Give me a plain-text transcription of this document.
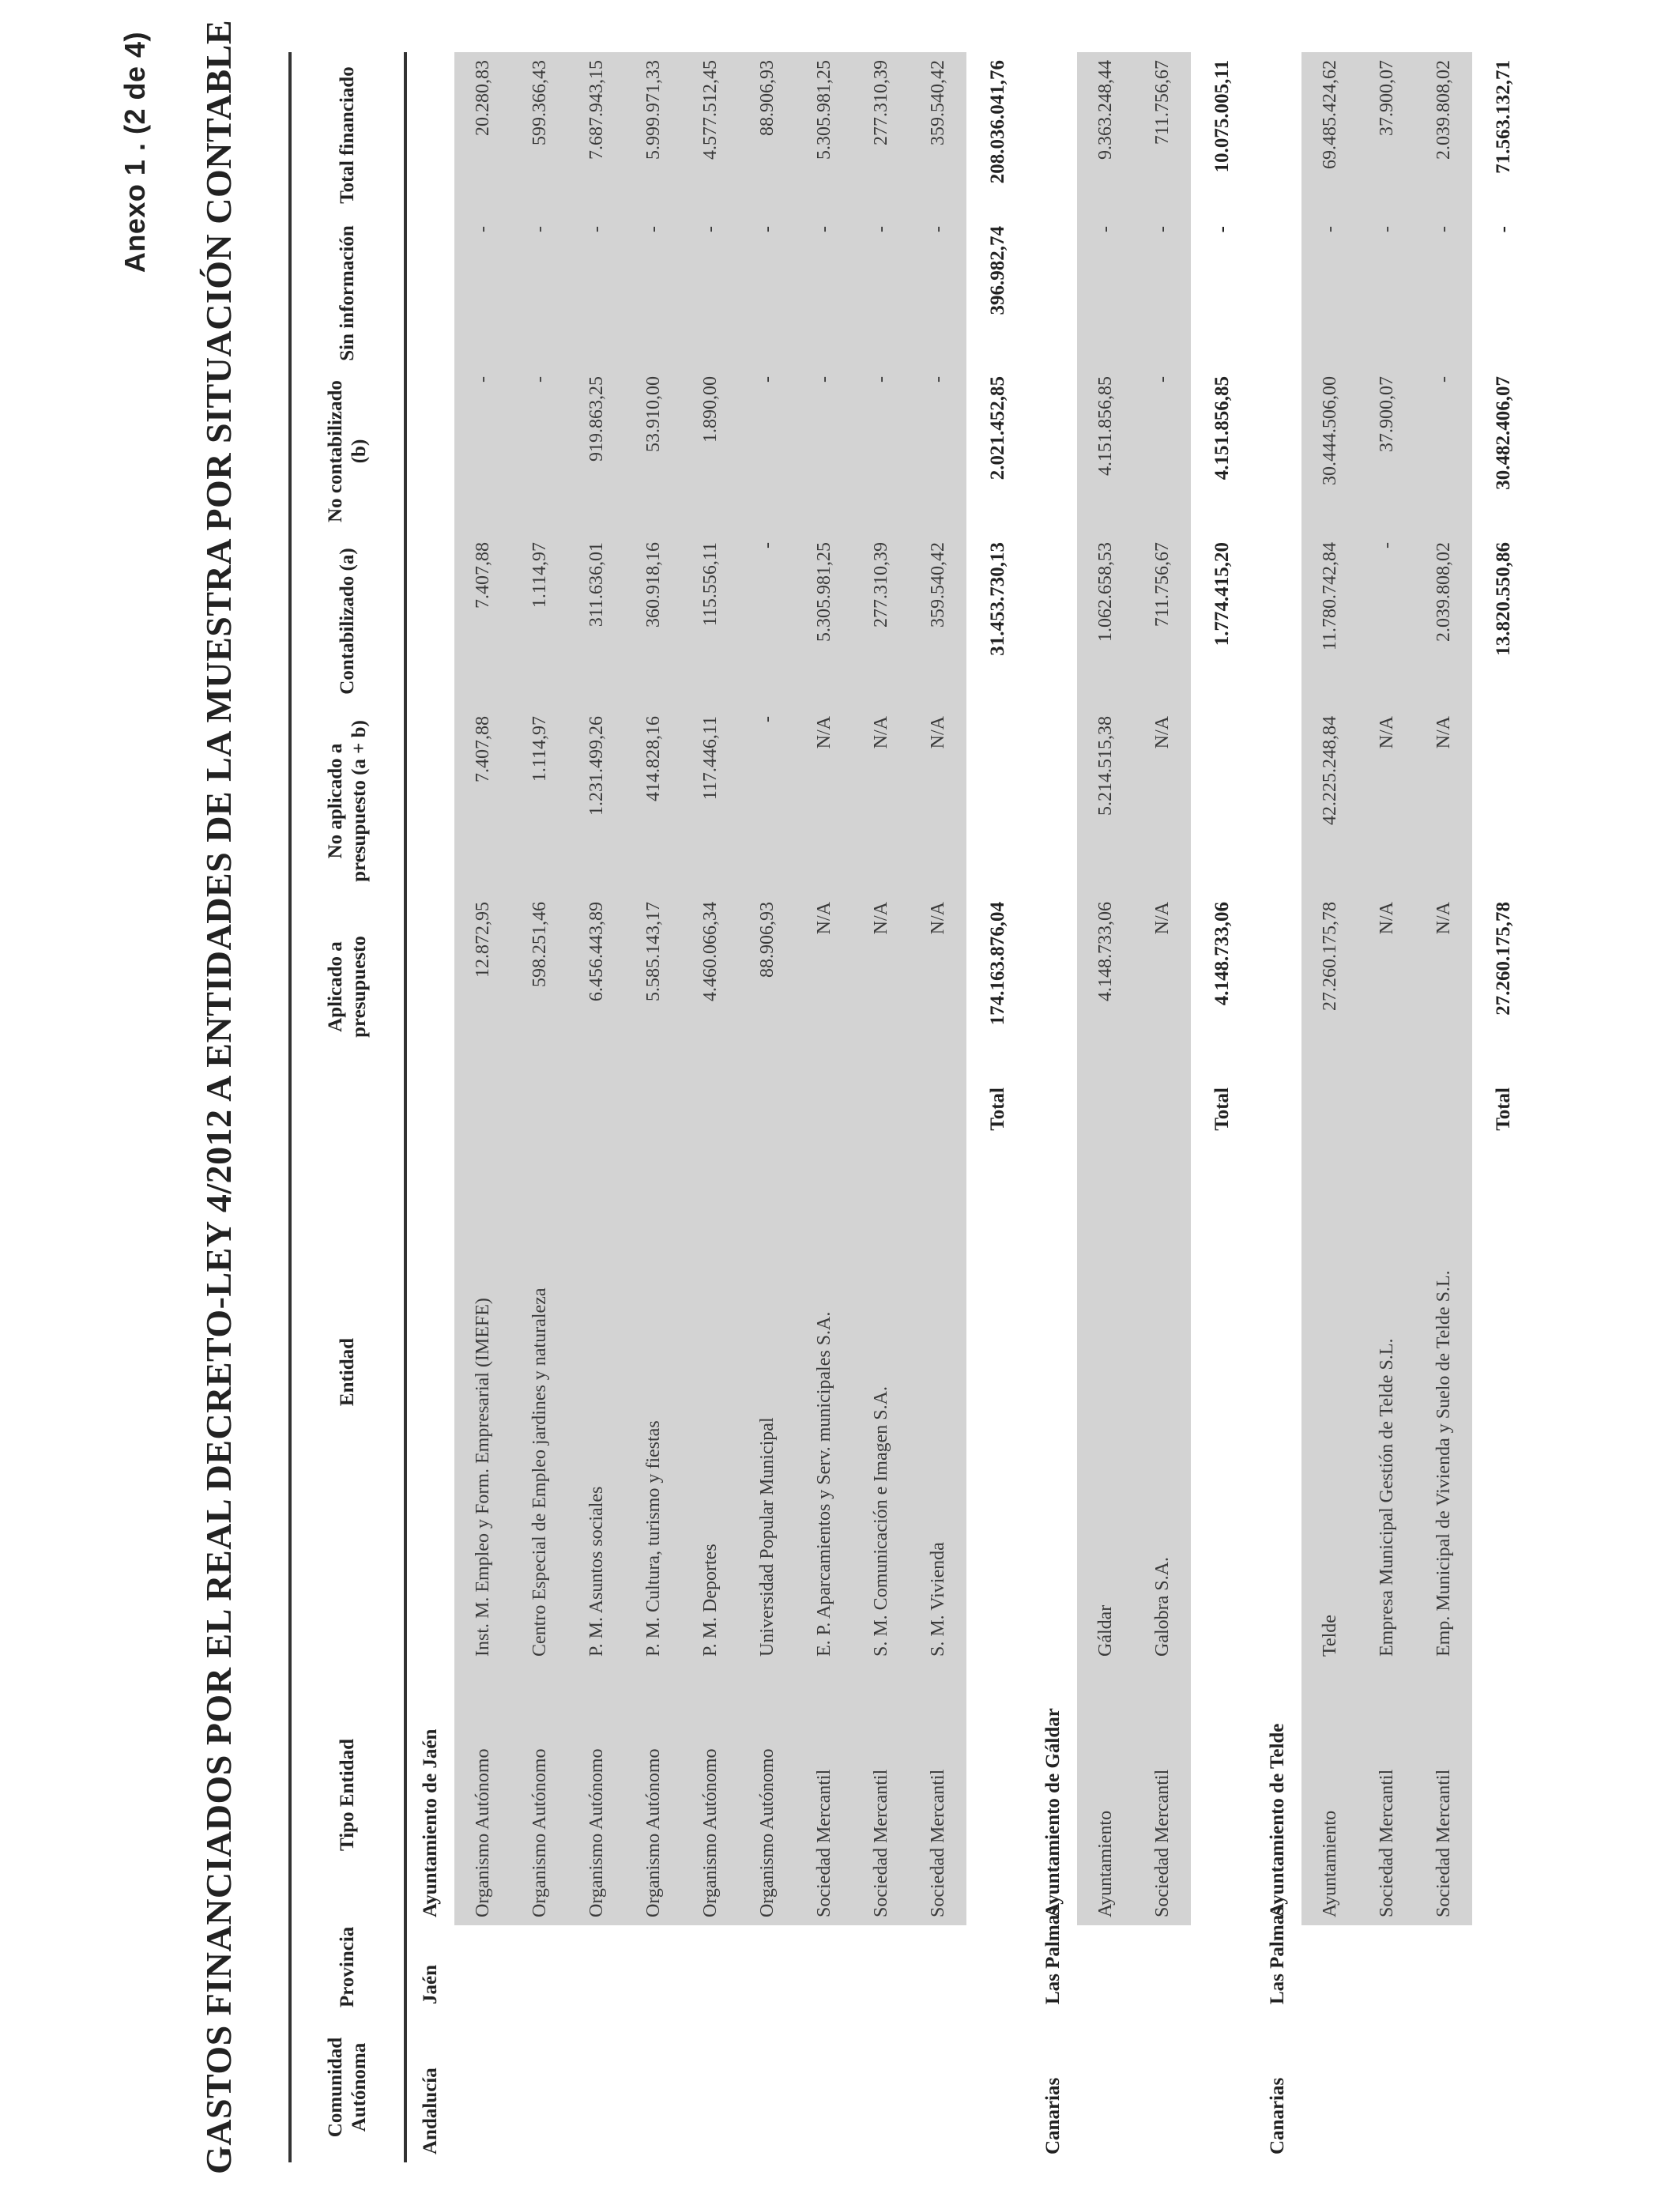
Anexo 1 . (2 de 4) GASTOS FINANCIADOS POR EL REAL DECRETO-LEY 4/2012 A ENTIDADES DE LA MUESTRA POR SITUACIÓN CONTABLE	Comunidad Autónoma	Provincia	Tipo Entidad	Entidad	Aplicado a presupuesto	No aplicado a presupuesto (a + b)	Contabilizado (a)	No contabilizado (b)	Sin información	Total financiado
Andalucía	Jaén	Ayuntamiento de Jaén							
		Organismo Autónomo	Inst. M. Empleo y Form. Empresarial (IMEFE)	12.872,95	7.407,88	7.407,88	-	-	20.280,83
		Organismo Autónomo	Centro Especial de Empleo jardines y naturaleza	598.251,46	1.114,97	1.114,97	-	-	599.366,43
		Organismo Autónomo	P. M. Asuntos sociales	6.456.443,89	1.231.499,26	311.636,01	919.863,25	-	7.687.943,15
		Organismo Autónomo	P. M. Cultura, turismo y fiestas	5.585.143,17	414.828,16	360.918,16	53.910,00	-	5.999.971,33
		Organismo Autónomo	P. M. Deportes	4.460.066,34	117.446,11	115.556,11	1.890,00	-	4.577.512,45
		Organismo Autónomo	Universidad Popular Municipal	88.906,93	-	-	-	-	88.906,93
		Sociedad Mercantil	E. P. Aparcamientos y Serv. municipales S.A.	N/A	N/A	5.305.981,25	-	-	5.305.981,25
		Sociedad Mercantil	S. M. Comunicación e Imagen S.A.	N/A	N/A	277.310,39	-	-	277.310,39
		Sociedad Mercantil	S. M. Vivienda	N/A	N/A	359.540,42	-	-	359.540,42
			Total	174.163.876,04		31.453.730,13	2.021.452,85	396.982,74	208.036.041,76
Canarias	Las Palmas	Ayuntamiento de Gáldar							
		Ayuntamiento	Gáldar	4.148.733,06	5.214.515,38	1.062.658,53	4.151.856,85	-	9.363.248,44
		Sociedad Mercantil	Galobra S.A.	N/A	N/A	711.756,67	-	-	711.756,67
			Total	4.148.733,06		1.774.415,20	4.151.856,85	-	10.075.005,11
Canarias	Las Palmas	Ayuntamiento de Telde							
		Ayuntamiento	Telde	27.260.175,78	42.225.248,84	11.780.742,84	30.444.506,00	-	69.485.424,62
		Sociedad Mercantil	Empresa Municipal Gestión de Telde S.L.	N/A	N/A	-	37.900,07	-	37.900,07
		Sociedad Mercantil	Emp. Municipal de Vivienda y Suelo de Telde S.L.	N/A	N/A	2.039.808,02	-	-	2.039.808,02
			Total	27.260.175,78		13.820.550,86	30.482.406,07	-	71.563.132,71
